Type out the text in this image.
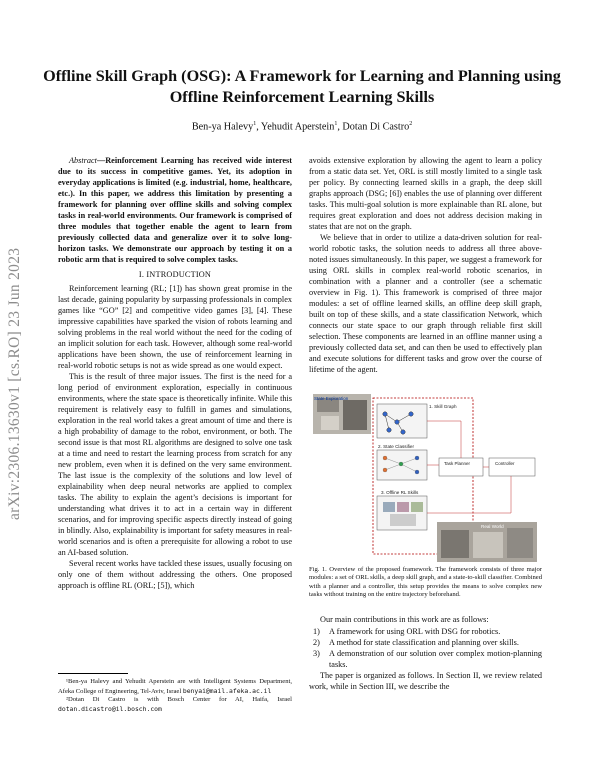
Offline Skill Graph (OSG): A Framework for Learning and Planning using Offline Reinforcement Learning Skills
Ben-ya Halevy$^1$, Yehudit Aperstein$^1$, Dotan Di Castro$^2$
arXiv:2306.13630v1 [cs.RO] 23 Jun 2023

Abstract—Reinforcement Learning has received wide interest due to its success in competitive games. Yet, its adoption in everyday applications is limited (e.g. industrial, home, healthcare, etc.). In this paper, we address this limitation by presenting a framework for planning over offline skills and solving complex tasks in real-world environments. Our framework is comprised of three modules that together enable the agent to learn from previously collected data and generalize over it to solve long-horizon tasks. We demonstrate our approach by testing it on a robotic arm that is required to solve complex tasks.

I. INTRODUCTION

Reinforcement learning (RL; [1]) has shown great promise in the last decade, gaining popularity by surpassing professionals in complex games like “GO” [2] and competitive video games [3], [4]. These impressive capabilities have sparked the vision of robots learning and solving problems in the real world without the need for the coding of an implicit solution for each task. However, although some real-world applications have been shown, the use of reinforcement learning in real-world robotic setups is not as wide spread as one would expect.

This is the result of three major issues. The first is the need for a long period of environment exploration, especially in continuous environments, where the state space is theoretically infinite. While this requirement is relatively easy to fulfill in games and simulations, exploration in the real world takes a great amount of time and there is a high probability of damage to the robot, environment, or both. The second issue is that most RL algorithms are designed to solve one task at a time and need to restart the learning process from scratch for any new problem, even when it is defined on the very same environment. The last issue is the complexity of the solutions and low level of explainability when deep neural networks are applied to complex tasks. The ability to explain the agent’s decisions is important for understanding what drives it to act in a certain way in different scenarios, and for improving specific aspects directly instead of going in blindly. Also, explainability is important for safety measures in real-world scenarios and is often a prerequisite for allowing a robot to use an AI-based solution.

Several recent works have tackled these issues, usually focusing on only one of them without addressing the others. One proposed approach is offline RL (ORL; [5]), which

¹Ben-ya Halevy and Yehudit Aperstein are with Intelligent Systems Department, Afeka College of Engineering, Tel-Aviv, Israel benyai@mail.afeka.ac.il

²Dotan Di Castro is with Bosch Center for AI, Haifa, Israel dotan.dicastro@il.bosch.com

avoids extensive exploration by allowing the agent to learn a policy from a static data set. Yet, ORL is still mostly limited to a single task per policy. By connecting learned skills in a graph, the deep skill graphs approach (DSG; [6]) enables the use of planning over different tasks. This multi-goal solution is more explainable than RL alone, but requires great exploration and does not address decision making in states that are not on the graph.

We believe that in order to utilize a data-driven solution for real-world robotic tasks, the solution needs to address all three above-noted issues simultaneously. In this paper, we suggest a framework for using ORL skills in complex real-world robotic scenarios, in combination with a planner and a controller (see a schematic overview in Fig. 1). This framework is comprised of three major modules: a set of offline learned skills, an offline deep skill graph, built on top of these skills, and a state classification Network, which connects our state space to our graph through reliable first skill selection. These components are learned in an offline manner using a previously collected data set, and can then be used to effectively plan and execute solutions for different tasks and grow over the course of lifetime of the agent.

State Exploration
1. Skill Graph
2. State Classifier
3. Offline RL Skills
Task Planner	Controller
Real World
Fig. 1. Overview of the proposed framework. The framework consists of three major modules: a set of ORL skills, a deep skill graph, and a state-to-skill classifier. Combined with a planner and a controller, this setup provides the means to solve complex new tasks without training on the entire trajectory beforehand.

Our main contributions in this work are as follows:

1) A framework for using ORL with DSG for robotics.
2) A method for state classification and planning over skills.
3) A demonstration of our solution over complex motion-planning tasks.

The paper is organized as follows. In Section II, we review related work, while in Section III, we describe the
